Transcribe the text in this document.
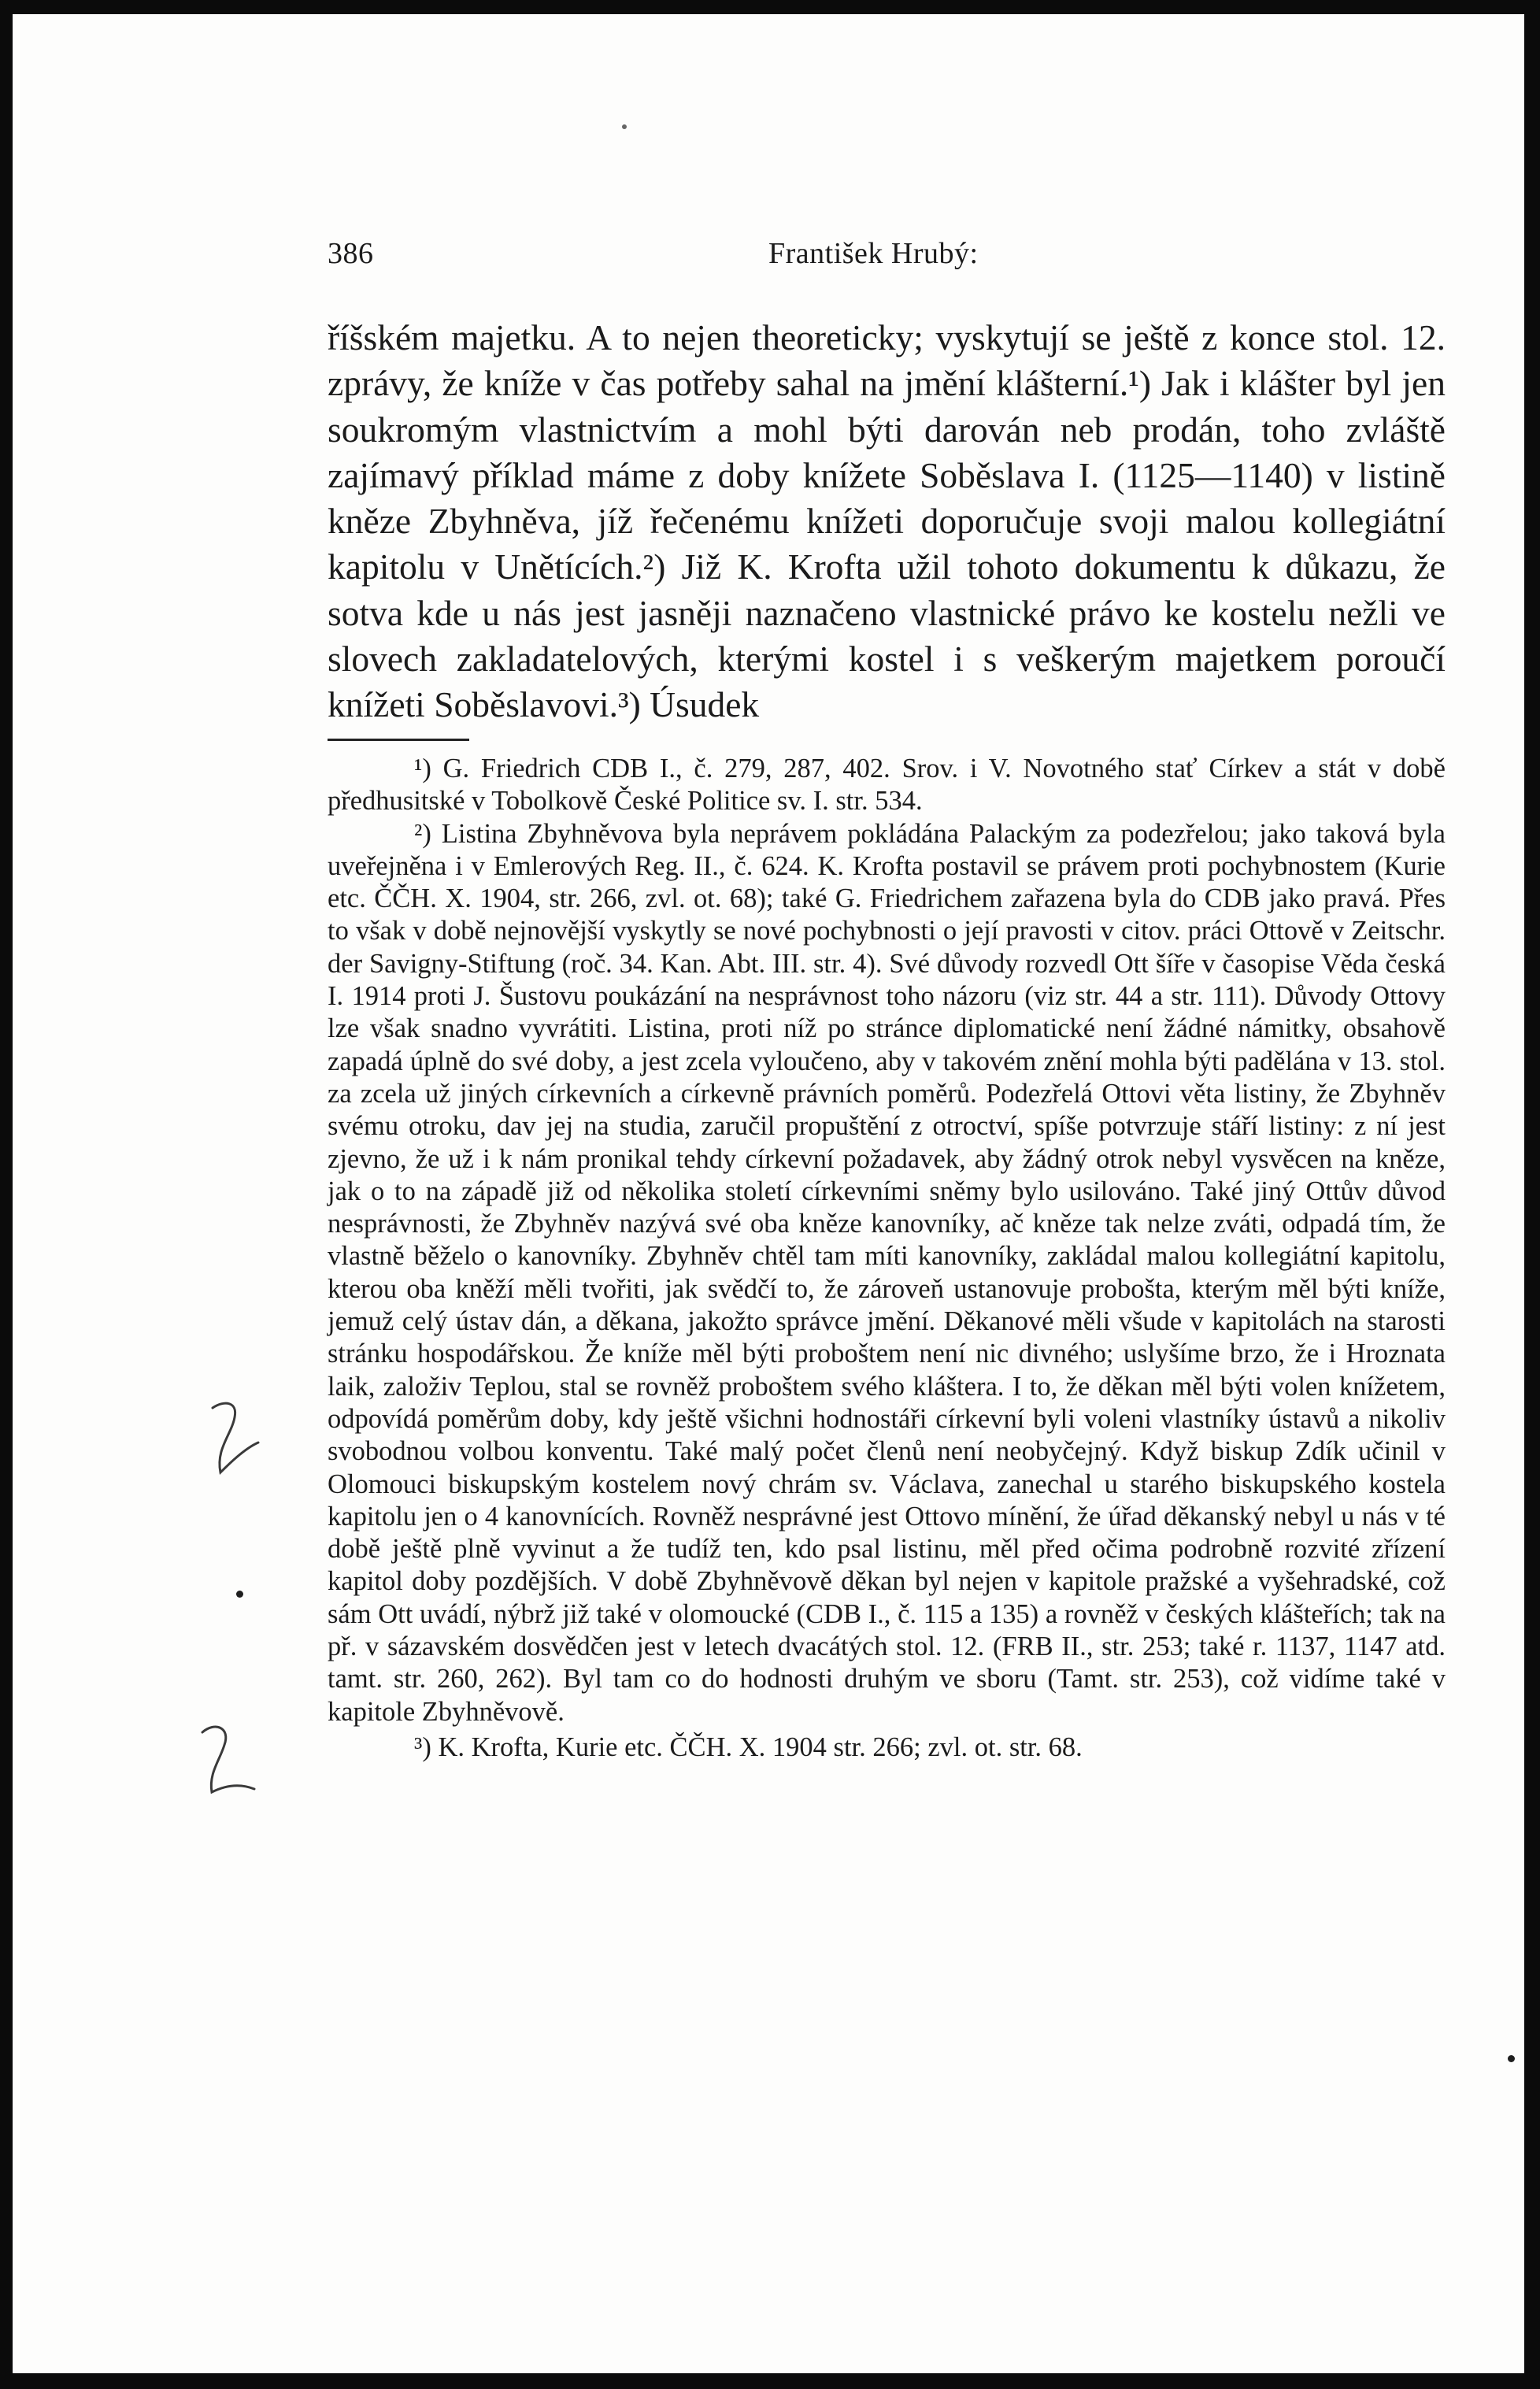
386	František Hrubý:

říšském majetku. A to nejen theoreticky; vyskytují se ještě z konce stol. 12. zprávy, že kníže v čas potřeby sahal na jmění klášterní.¹) Jak i klášter byl jen soukromým vlastnictvím a mohl býti darován neb prodán, toho zvláště zajímavý příklad máme z doby knížete Soběslava I. (1125—1140) v listině kněze Zbyhněva, jíž řečenému knížeti doporučuje svoji malou kollegiátní kapitolu v Unětících.²) Již K. Krofta užil tohoto dokumentu k důkazu, že sotva kde u nás jest jasněji naznačeno vlastnické právo ke kostelu nežli ve slovech zakladatelových, kterými kostel i s veškerým majetkem poroučí knížeti Soběslavovi.³) Úsudek

¹) G. Friedrich CDB I., č. 279, 287, 402. Srov. i V. Novotného stať Církev a stát v době předhusitské v Tobolkově České Politice sv. I. str. 534.

²) Listina Zbyhněvova byla neprávem pokládána Palackým za podezřelou; jako taková byla uveřejněna i v Emlerových Reg. II., č. 624. K. Krofta postavil se právem proti pochybnostem (Kurie etc. ČČH. X. 1904, str. 266, zvl. ot. 68); také G. Friedrichem zařazena byla do CDB jako pravá. Přes to však v době nejnovější vyskytly se nové pochybnosti o její pravosti v citov. práci Ottově v Zeitschr. der Savigny-Stiftung (roč. 34. Kan. Abt. III. str. 4). Své důvody rozvedl Ott šíře v časopise Věda česká I. 1914 proti J. Šustovu poukázání na nesprávnost toho názoru (viz str. 44 a str. 111). Důvody Ottovy lze však snadno vyvrátiti. Listina, proti níž po stránce diplomatické není žádné námitky, obsahově zapadá úplně do své doby, a jest zcela vyloučeno, aby v takovém znění mohla býti padělána v 13. stol. za zcela už jiných církevních a církevně právních poměrů. Podezřelá Ottovi věta listiny, že Zbyhněv svému otroku, dav jej na studia, zaručil propuštění z otroctví, spíše potvrzuje stáří listiny: z ní jest zjevno, že už i k nám pronikal tehdy církevní požadavek, aby žádný otrok nebyl vysvěcen na kněze, jak o to na západě již od několika století církevními sněmy bylo usilováno. Také jiný Ottův důvod nesprávnosti, že Zbyhněv nazývá své oba kněze kanovníky, ač kněze tak nelze zváti, odpadá tím, že vlastně běželo o kanovníky. Zbyhněv chtěl tam míti kanovníky, zakládal malou kollegiátní kapitolu, kterou oba kněží měli tvořiti, jak svědčí to, že zároveň ustanovuje proboštа, kterým měl býti kníže, jemuž celý ústav dán, a děkana, jakožto správce jmění. Děkanové měli všude v kapitolách na starosti stránku hospodářskou. Že kníže měl býti proboštem není nic divného; uslyšíme brzo, že i Hroznata laik, založiv Teplou, stal se rovněž proboštem svého kláštera. I to, že děkan měl býti volen knížetem, odpovídá poměrům doby, kdy ještě všichni hodnostáři církevní byli voleni vlastníky ústavů a nikoliv svobodnou volbou konventu. Také malý počet členů není neobyčejný. Když biskup Zdík učinil v Olomouci biskupským kostelem nový chrám sv. Václava, zanechal u starého biskupského kostela kapitolu jen o 4 kanovnících. Rovněž nesprávné jest Ottovo mínění, že úřad děkanský nebyl u nás v té době ještě plně vyvinut a že tudíž ten, kdo psal listinu, měl před očima podrobně rozvité zřízení kapitol doby pozdějších. V době Zbyhněvově děkan byl nejen v kapitole pražské a vyšehradské, což sám Ott uvádí, nýbrž již také v olomoucké (CDB I., č. 115 a 135) a rovněž v českých klášteřích; tak na př. v sázavském dosvědčen jest v letech dvacátých stol. 12. (FRB II., str. 253; také r. 1137, 1147 atd. tamt. str. 260, 262). Byl tam co do hodnosti druhým ve sboru (Tamt. str. 253), což vidíme také v kapitole Zbyhněvově.

³) K. Krofta, Kurie etc. ČČH. X. 1904 str. 266; zvl. ot. str. 68.
